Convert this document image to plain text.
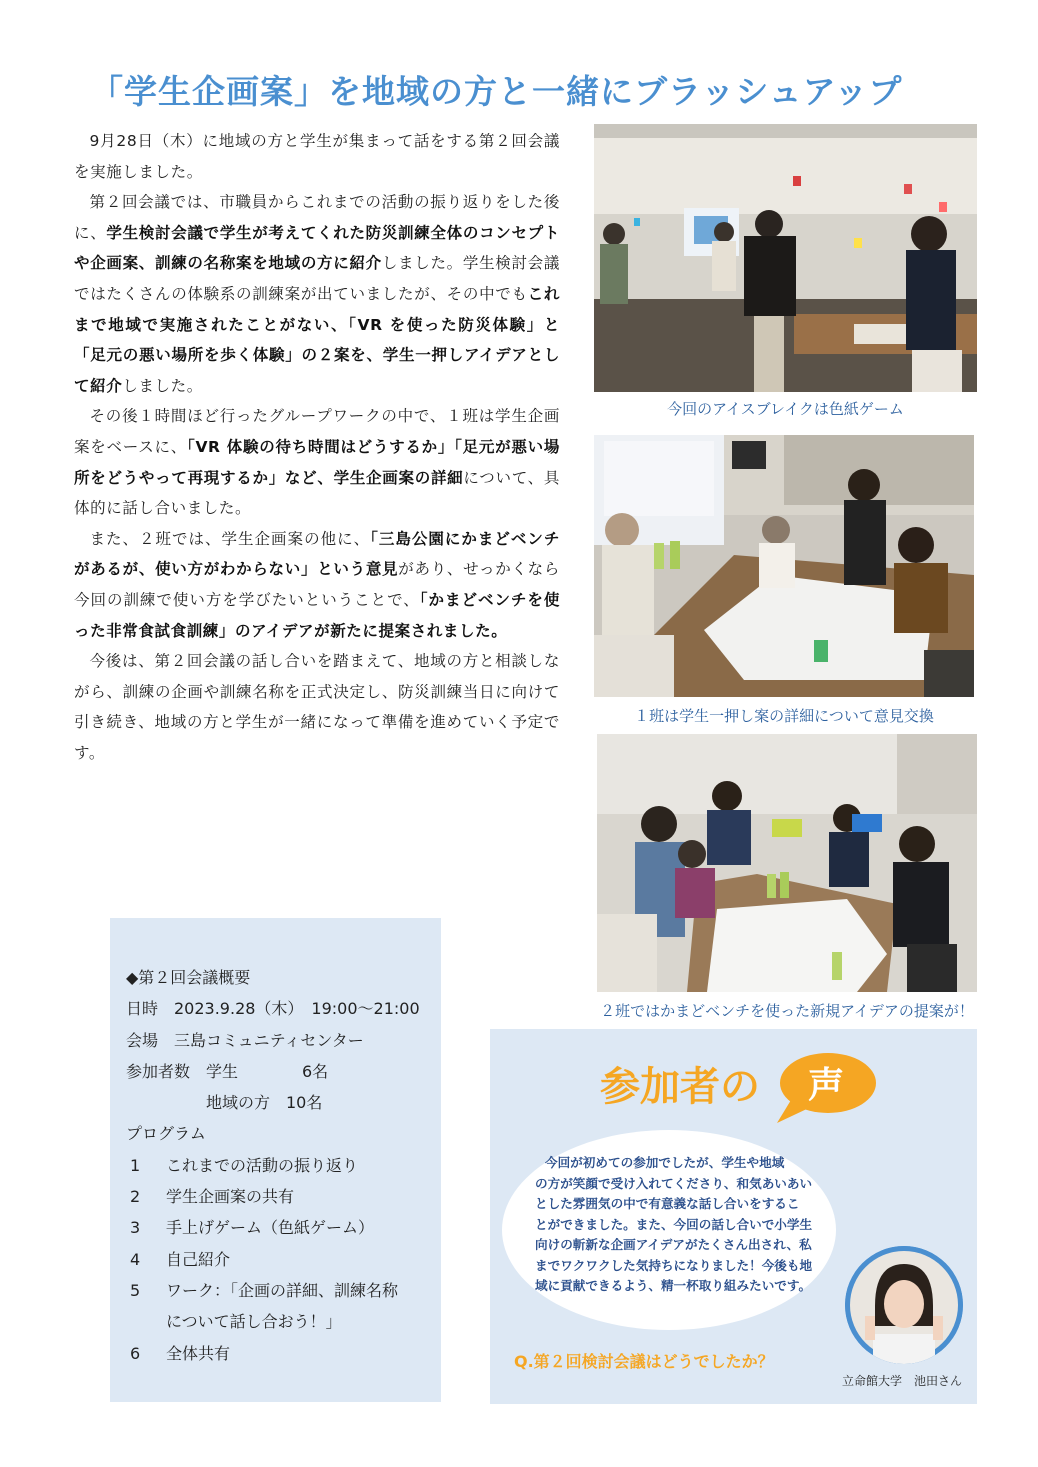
「学生企画案」を地域の方と一緒にブラッシュアップ

9月28日（木）に地域の方と学生が集まって話をする第２回会議を実施しました。

第２回会議では、市職員からこれまでの活動の振り返りをした後に、学生検討会議で学生が考えてくれた防災訓練全体のコンセプトや企画案、訓練の名称案を地域の方に紹介しました。学生検討会議ではたくさんの体験系の訓練案が出ていましたが、その中でもこれまで地域で実施されたことがない、「VR を使った防災体験」と「足元の悪い場所を歩く体験」の２案を、学生一押しアイデアとして紹介しました。

その後１時間ほど行ったグループワークの中で、１班は学生企画案をベースに、「VR 体験の待ち時間はどうするか」「足元が悪い場所をどうやって再現するか」など、学生企画案の詳細について、具体的に話し合いました。

また、２班では、学生企画案の他に、「三島公園にかまどベンチがあるが、使い方がわからない」という意見があり、せっかくなら今回の訓練で使い方を学びたいということで、「かまどベンチを使った非常食試食訓練」のアイデアが新たに提案されました。

今後は、第２回会議の話し合いを踏まえて、地域の方と相談しながら、訓練の企画や訓練名称を正式決定し、防災訓練当日に向けて引き続き、地域の方と学生が一緒になって準備を進めていく予定です。

今回のアイスブレイクは色紙ゲーム
１班は学生一押し案の詳細について意見交換
２班ではかまどベンチを使った新規アイデアの提案が！
◆第２回会議概要
日時　2023.9.28（木）　19:00～21:00
会場　三島コミュニティセンター
参加者数　学生　　　　6名
　　　　　地域の方　10名
プログラム
1	これまでの活動の振り返り
2	学生企画案の共有
3	手上げゲーム（色紙ゲーム）
4	自己紹介
5	ワーク：「企画の詳細、訓練名称
について話し合おう！」
6	全体共有
参加者の 声
今回が初めての参加でしたが、学生や地域
の方が笑顔で受け入れてくださり、和気あいあい
とした雰囲気の中で有意義な話し合いをするこ
とができました。また、今回の話し合いで小学生
向けの斬新な企画アイデアがたくさん出され、私
までワクワクした気持ちになりました！今後も地
域に貢献できるよう、精一杯取り組みたいです。
Q.第２回検討会議はどうでしたか？
立命館大学　池田さん
